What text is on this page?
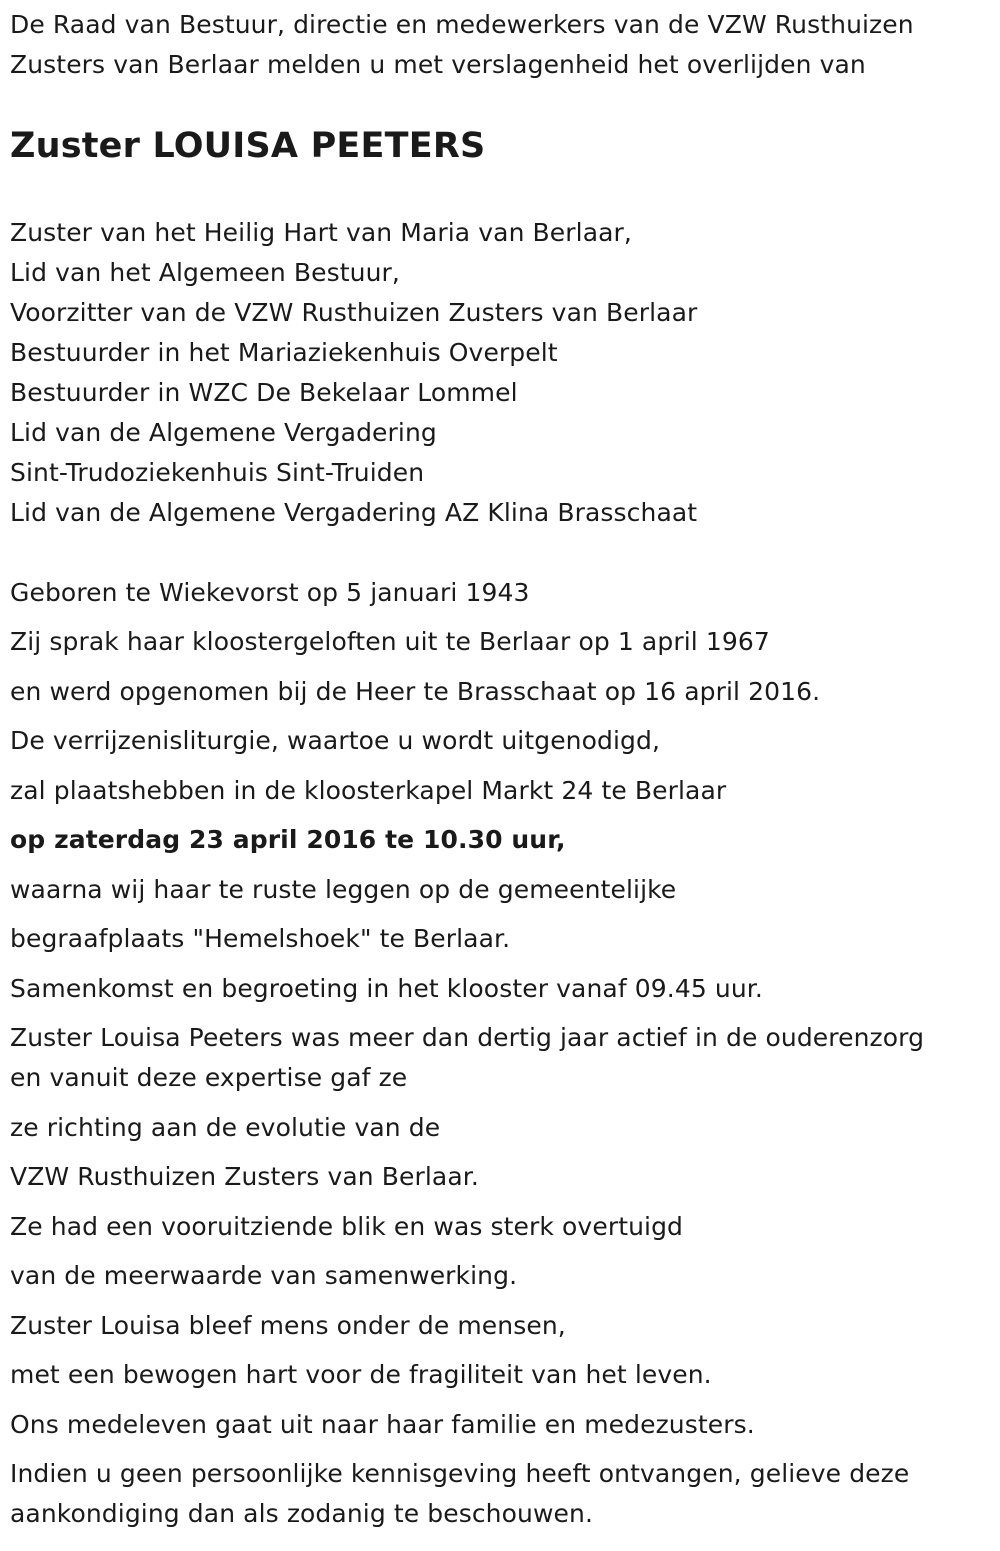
De Raad van Bestuur, directie en medewerkers van de VZW Rusthuizen
Zusters van Berlaar melden u met verslagenheid het overlijden van
Zuster LOUISA PEETERS
Zuster van het Heilig Hart van Maria van Berlaar,
Lid van het Algemeen Bestuur,
Voorzitter van de VZW Rusthuizen Zusters van Berlaar
Bestuurder in het Mariaziekenhuis Overpelt
Bestuurder in WZC De Bekelaar Lommel
Lid van de Algemene Vergadering
Sint-Trudoziekenhuis Sint-Truiden
Lid van de Algemene Vergadering AZ Klina Brasschaat
Geboren te Wiekevorst op 5 januari 1943
Zij sprak haar kloostergeloften uit te Berlaar op 1 april 1967
en werd opgenomen bij de Heer te Brasschaat op 16 april 2016.
De verrijzenisliturgie, waartoe u wordt uitgenodigd,
zal plaatshebben in de kloosterkapel Markt 24 te Berlaar
op zaterdag 23 april 2016 te 10.30 uur,
waarna wij haar te ruste leggen op de gemeentelijke
begraafplaats "Hemelshoek" te Berlaar.
Samenkomst en begroeting in het klooster vanaf 09.45 uur.
Zuster Louisa Peeters was meer dan dertig jaar actief in de ouderenzorg
en vanuit deze expertise gaf ze
ze richting aan de evolutie van de
VZW Rusthuizen Zusters van Berlaar.
Ze had een vooruitziende blik en was sterk overtuigd
van de meerwaarde van samenwerking.
Zuster Louisa bleef mens onder de mensen,
met een bewogen hart voor de fragiliteit van het leven.
Ons medeleven gaat uit naar haar familie en medezusters.
Indien u geen persoonlijke kennisgeving heeft ontvangen, gelieve deze
aankondiging dan als zodanig te beschouwen.
